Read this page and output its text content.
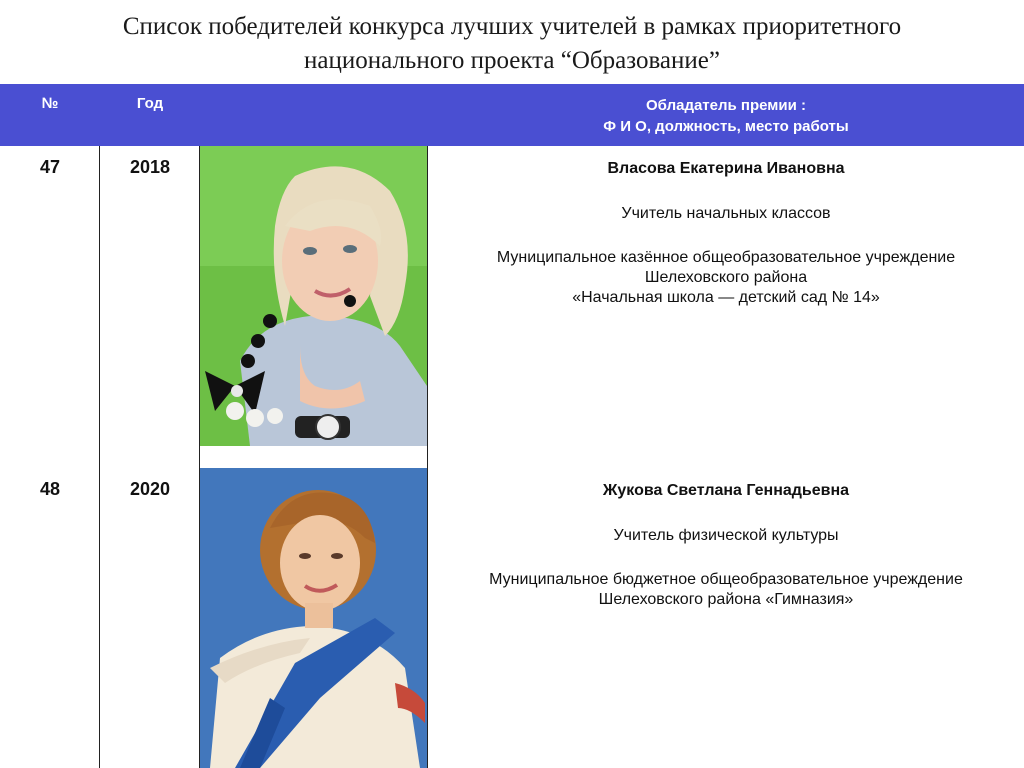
Список победителей конкурса лучших учителей в рамках приоритетного
национального проекта “Образование”
№	Год	Обладатель премии :
Ф И О, должность, место работы
47	2018	Власова Екатерина Ивановна
Учитель начальных классов
Муниципальное казённое общеобразовательное учреждение
Шелеховского района
«Начальная школа — детский сад № 14»
48	2020	Жукова Светлана Геннадьевна
Учитель физической культуры
Муниципальное бюджетное общеобразовательное учреждение
Шелеховского района «Гимназия»
